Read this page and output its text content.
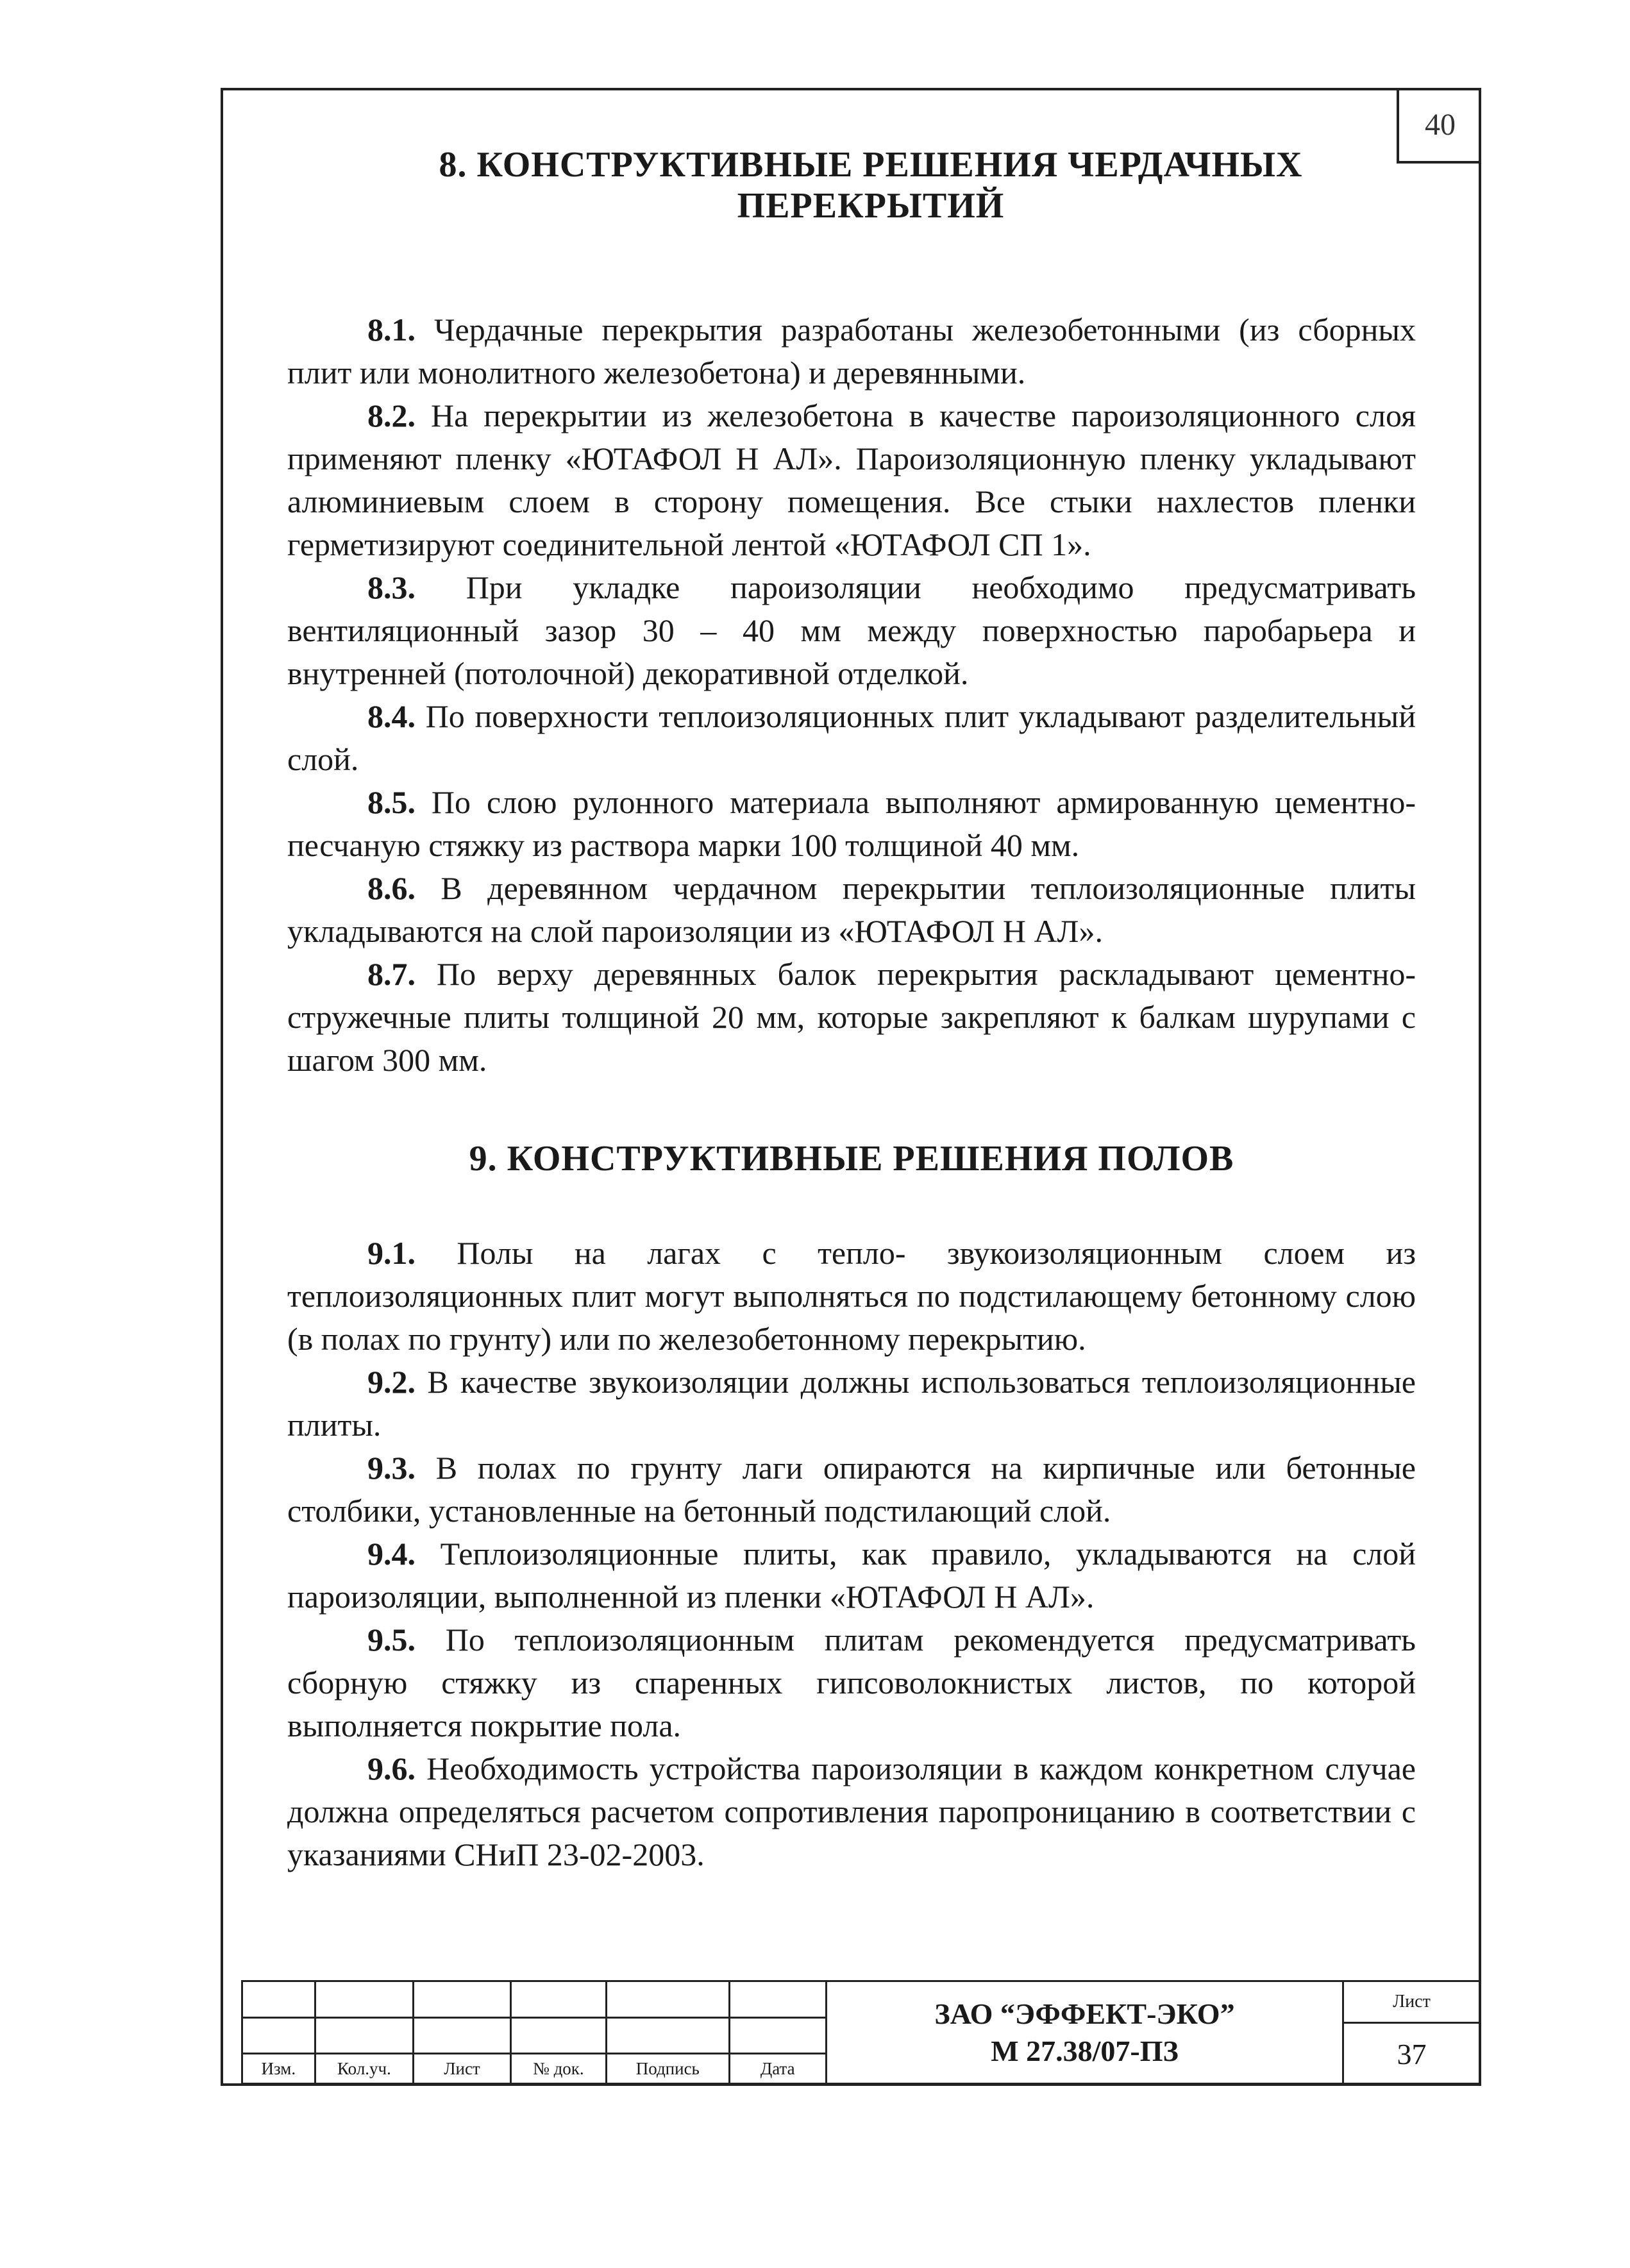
40
8. КОНСТРУКТИВНЫЕ РЕШЕНИЯ ЧЕРДАЧНЫХ ПЕРЕКРЫТИЙ

8.1. Чердачные перекрытия разработаны железобетонными (из сборных плит или монолитного железобетона) и деревянными.

8.2. На перекрытии из железобетона в качестве пароизоляционного слоя применяют пленку «ЮТАФОЛ Н АЛ». Пароизоляционную пленку укладывают алюминиевым слоем в сторону помещения. Все стыки нахлестов пленки герметизируют соединительной лентой «ЮТАФОЛ СП 1».

8.3. При укладке пароизоляции необходимо предусматривать вентиляционный зазор 30 – 40 мм между поверхностью паробарьера и внутренней (потолочной) декоративной отделкой.

8.4. По поверхности теплоизоляционных плит укладывают разделительный слой.

8.5. По слою рулонного материала выполняют армированную цементно-песчаную стяжку из раствора марки 100 толщиной 40 мм.

8.6. В деревянном чердачном перекрытии теплоизоляционные плиты укладываются на слой пароизоляции из «ЮТАФОЛ Н АЛ».

8.7. По верху деревянных балок перекрытия раскладывают цементно-стружечные плиты толщиной 20 мм, которые закрепляют к балкам шурупами с шагом 300 мм.

9. КОНСТРУКТИВНЫЕ РЕШЕНИЯ ПОЛОВ

9.1. Полы на лагах с тепло- звукоизоляционным слоем из теплоизоляционных плит могут выполняться по подстилающему бетонному слою (в полах по грунту) или по железобетонному перекрытию.

9.2. В качестве звукоизоляции должны использоваться теплоизоляционные плиты.

9.3. В полах по грунту лаги опираются на кирпичные или бетонные столбики, установленные на бетонный подстилающий слой.

9.4. Теплоизоляционные плиты, как правило, укладываются на слой пароизоляции, выполненной из пленки «ЮТАФОЛ Н АЛ».

9.5. По теплоизоляционным плитам рекомендуется предусматривать сборную стяжку из спаренных гипсоволокнистых листов, по которой выполняется покрытие пола.

9.6. Необходимость устройства пароизоляции в каждом конкретном случае должна определяться расчетом сопротивления паропроницанию в соответствии с указаниями СНиП 23-02-2003.

Изм.	Кол.уч.	Лист	№ док.	Подпись	Дата
ЗАО “ЭФФЕКТ-ЭКО”
М 27.38/07-ПЗ
Лист
37
